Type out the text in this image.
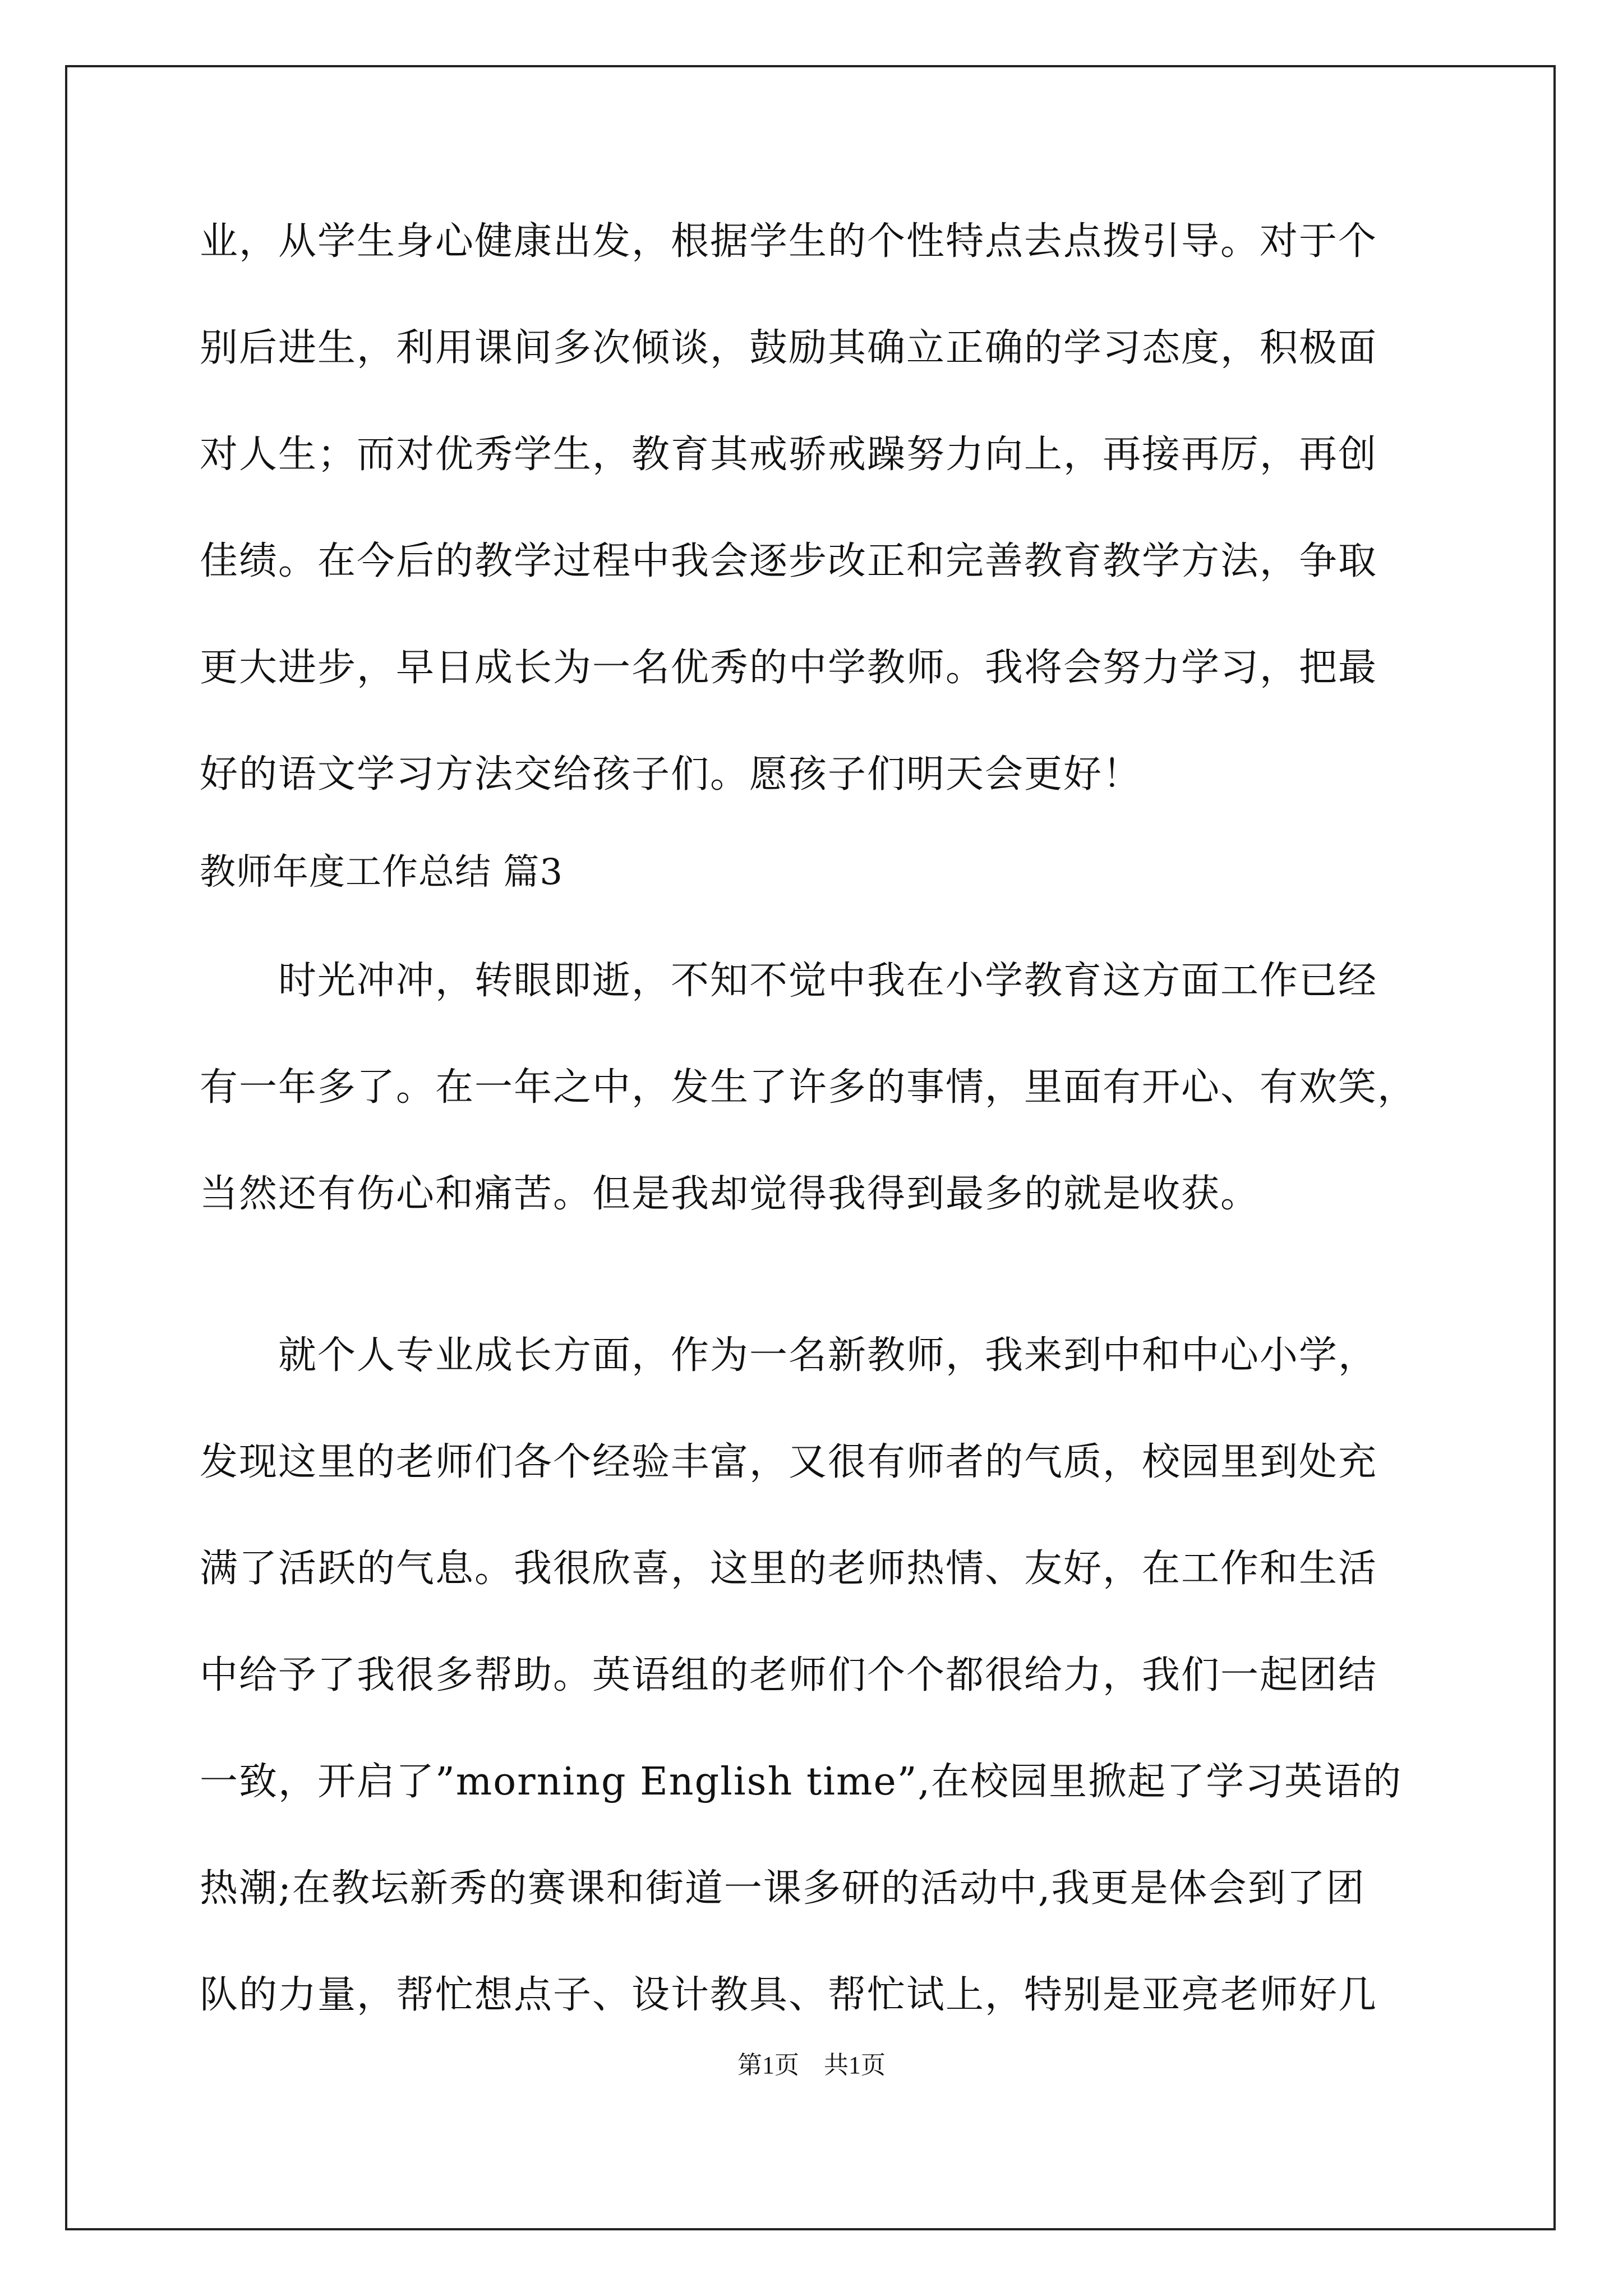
业，从学生身心健康出发，根据学生的个性特点去点拨引导。对于个
别后进生，利用课间多次倾谈，鼓励其确立正确的学习态度，积极面
对人生；而对优秀学生，教育其戒骄戒躁努力向上，再接再厉，再创
佳绩。在今后的教学过程中我会逐步改正和完善教育教学方法，争取
更大进步，早日成长为一名优秀的中学教师。我将会努力学习，把最
好的语文学习方法交给孩子们。愿孩子们明天会更好！
教师年度工作总结 篇3
　　时光冲冲，转眼即逝，不知不觉中我在小学教育这方面工作已经
有一年多了。在一年之中，发生了许多的事情，里面有开心、有欢笑，
当然还有伤心和痛苦。但是我却觉得我得到最多的就是收获。
　　就个人专业成长方面，作为一名新教师，我来到中和中心小学，
发现这里的老师们各个经验丰富，又很有师者的气质，校园里到处充
满了活跃的气息。我很欣喜，这里的老师热情、友好，在工作和生活
中给予了我很多帮助。英语组的老师们个个都很给力，我们一起团结
一致，开启了”morning English time”,在校园里掀起了学习英语的
热潮;在教坛新秀的赛课和街道一课多研的活动中,我更是体会到了团
队的力量，帮忙想点子、设计教具、帮忙试上，特别是亚亮老师好几
第1页　共1页
